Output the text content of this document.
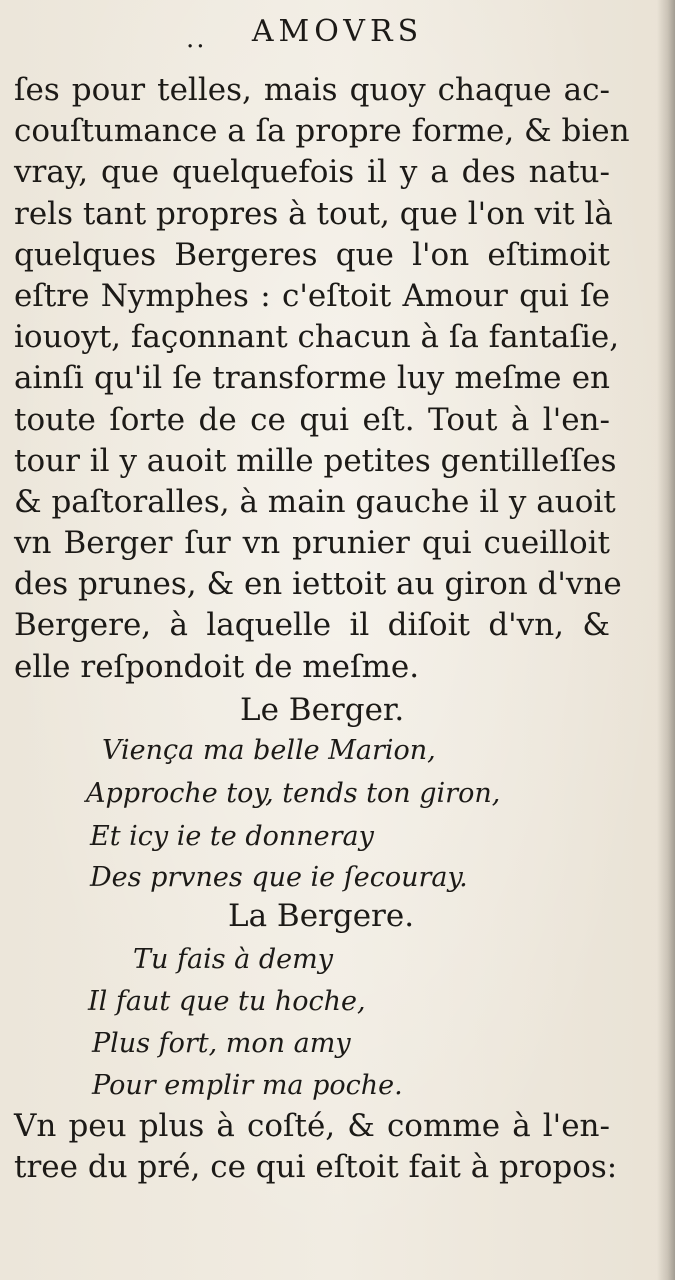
.. AMOVRS
ſes pour telles, mais quoy chaque ac-
couſtumance a ſa propre forme, & bien
vray, que quelquefois il y a des natu-
rels tant propres à tout, que l'on vit là
quelques Bergeres que l'on eſtimoit
eſtre Nymphes : c'eſtoit Amour qui ſe
iouoyt, façonnant chacun à ſa fantaſie,
ainſi qu'il ſe transforme luy meſme en
toute ſorte de ce qui eſt. Tout à l'en-
tour il y auoit mille petites gentilleſſes
& paſtoralles, à main gauche il y auoit
vn Berger ſur vn prunier qui cueilloit
des prunes, & en iettoit au giron d'vne
Bergere, à laquelle il diſoit d'vn, &
elle reſpondoit de meſme.
Le Berger.
Viença ma belle Marion,
Approche toy, tends ton giron,
Et icy ie te donneray
Des prvnes que ie ſecouray.
La Bergere.
Tu fais à demy
Il faut que tu hoche,
Plus fort, mon amy
Pour emplir ma poche.
Vn peu plus à coſté, & comme à l'en-
tree du pré, ce qui eſtoit fait à propos:
